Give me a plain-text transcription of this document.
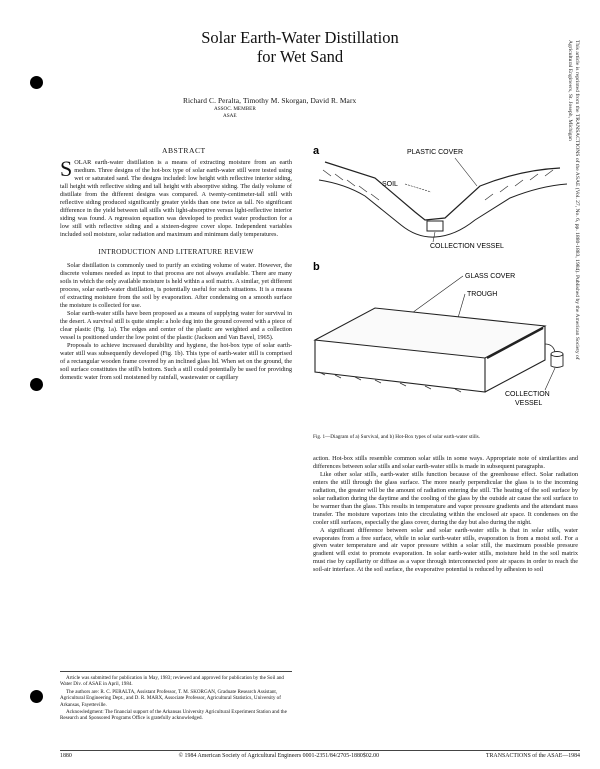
Solar Earth-Water Distillation
for Wet Sand
Richard C. Peralta, Timothy M. Skorgan, David R. Marx
ASSOC. MEMBER
ASAE
ABSTRACT

SOLAR earth-water distillation is a means of extracting moisture from an earth medium. Three designs of the hot-box type of solar earth-water still were tested using wet or saturated sand. The designs included: low height with reflective interior siding, tall height with reflective siding and tall height with absorptive siding. The daily volume of distillate from the different designs was compared. A twenty-centimeter-tall still with reflective siding produced significantly greater yields than one twice as tall. No significant difference in the yield between tall stills with light-absorptive versus light-reflective interior siding was found. A regression equation was developed to predict water production for a low still with reflective siding and a sixteen-degree cover slope. Independent variables included soil moisture, solar radiation and maximum and minimum daily temperatures.

INTRODUCTION AND LITERATURE REVIEW

Solar distillation is commonly used to purify an existing volume of water. However, the discrete volumes needed as input to that process are not always available. There are many soils in which the only available moisture is held within a soil matrix. A similar, yet different process, solar earth-water distillation, is potentially useful for such situations. It is a means of extracting moisture from the soil by evaporation. After condensing on a smooth surface the moisture is collected for use.

Solar earth-water stills have been proposed as a means of supplying water for survival in the desert. A survival still is quite simple: a hole dug into the ground covered with a piece of clear plastic (Fig. 1a). The edges and center of the plastic are weighted and a collection vessel is positioned under the low point of the plastic (Jackson and Van Bavel, 1965).

Proposals to achieve increased durability and hygiene, the hot-box type of solar earth-water still was subsequently developed (Fig. 1b). This type of earth-water still is comprised of a rectangular wooden frame covered by an inclined glass lid. When set on the ground, the soil surface constitutes the still's bottom. Such a still could potentially be used for providing domestic water from soil moistened by rainfall, wastewater or capillary

Article was submitted for publication in May, 1983; reviewed and approved for publication by the Soil and Water Div. of ASAE in April, 1984.

The authors are: R. C. PERALTA, Assistant Professor, T. M. SKORGAN, Graduate Research Assistant, Agricultural Engineering Dept., and D. R. MARX, Associate Professor, Agricultural Statistics, University of Arkansas, Fayetteville.

Acknowledgment: The financial support of the Arkansas University Agricultural Experiment Station and the Research and Sponsored Programs Office is gratefully acknowledged.

a	PLASTIC COVER
SOIL
COLLECTION VESSEL
b
GLASS COVER
TROUGH
COLLECTION
VESSEL
Fig. 1—Diagram of a) Survival, and b) Hot-Box types of solar earth-water stills.

action. Hot-box stills resemble common solar stills in some ways. Appropriate note of similarities and differences between solar stills and solar earth-water stills is made in subsequent paragraphs.

Like other solar stills, earth-water stills function because of the greenhouse effect. Solar radiation enters the still through the glass surface. The more nearly perpendicular the glass is to the incoming radiation, the greater will be the amount of radiation entering the still. The heating of the soil surface by solar radiation during the daytime and the cooling of the glass by the outside air cause the soil surface to be warmer than the glass. This results in temperature and vapor pressure gradients and the attendant mass transfer. The moisture vaporizes into the circulating within the enclosed air space. It condenses on the cooler still surfaces, especially the glass cover, during the day but also during the night.

A significant difference between solar and solar earth-water stills is that in solar stills, water evaporates from a free surface, while in solar earth-water stills, evaporation is from a moist soil. For a given water temperature and air vapor pressure within a solar still, the maximum possible pressure gradient will exist to promote evaporation. In solar earth-water stills, moisture held in the soil matrix must rise by capillarity or diffuse as a vapor through interconnected pore air spaces in order to reach the soil-air interface. At the soil surface, the evaporative potential is reduced by adhesion to soil

This article is reprinted from the TRANSACTIONS of the ASAE (Vol. 27, No. 6, pp. 1880-1883, 1984). Published by the American Society of Agricultural Engineers, St. Joseph, Michigan
1880	© 1984 American Society of Agricultural Engineers 0001-2351/84/2705-1880$02.00	TRANSACTIONS of the ASAE—1984
